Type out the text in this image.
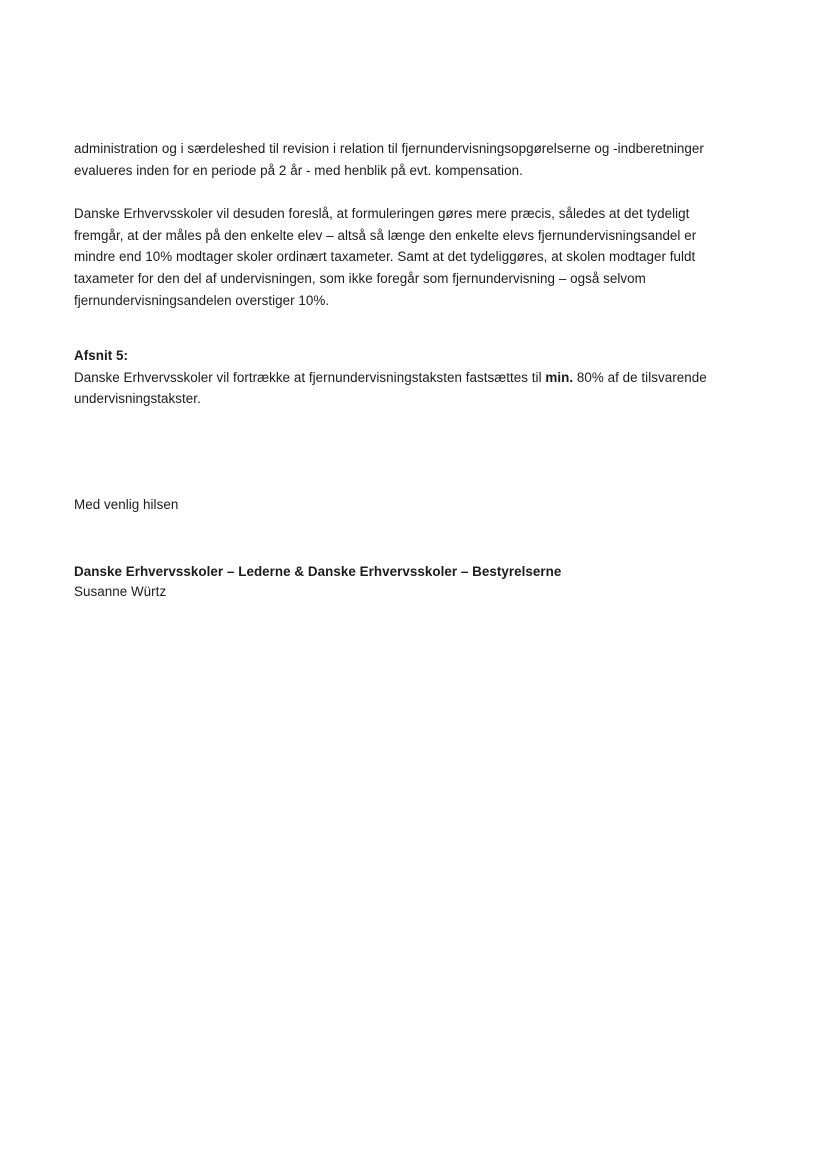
administration og i særdeleshed til revision i relation til fjernundervisningsopgørelserne og -indberetninger
evalueres inden for en periode på 2 år - med henblik på evt. kompensation.
Danske Erhvervsskoler vil desuden foreslå, at formuleringen gøres mere præcis, således at det tydeligt
fremgår, at der måles på den enkelte elev – altså så længe den enkelte elevs fjernundervisningsandel er
mindre end 10% modtager skoler ordinært taxameter. Samt at det tydeliggøres, at skolen modtager fuldt
taxameter for den del af undervisningen, som ikke foregår som fjernundervisning – også selvom
fjernundervisningsandelen overstiger 10%.
Afsnit 5:
Danske Erhvervsskoler vil fortrække at fjernundervisningstaksten fastsættes til min. 80% af de tilsvarende
undervisningstakster.
Med venlig hilsen
Danske Erhvervsskoler – Lederne & Danske Erhvervsskoler – Bestyrelserne
Susanne Würtz
